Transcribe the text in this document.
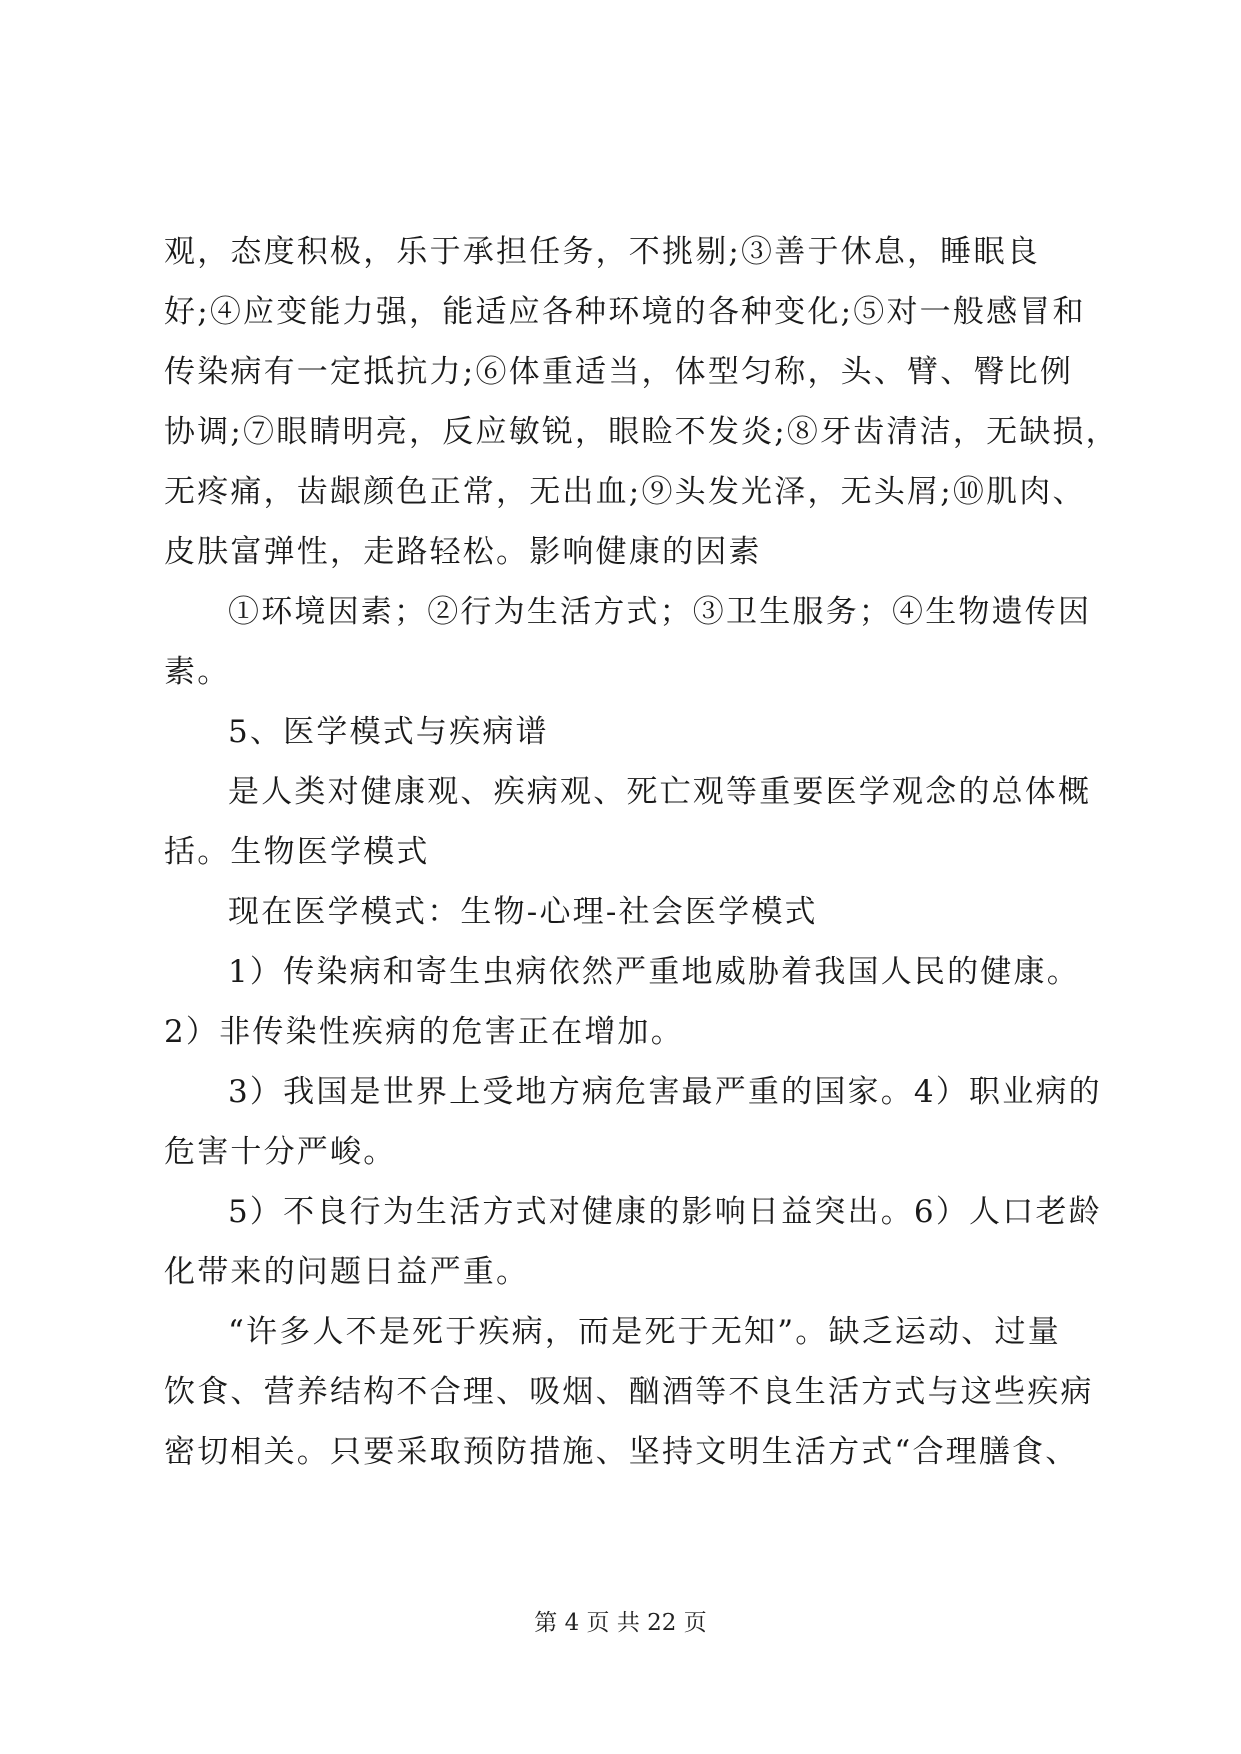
观，态度积极，乐于承担任务，不挑剔;③善于休息，睡眠良
好;④应变能力强，能适应各种环境的各种变化;⑤对一般感冒和
传染病有一定抵抗力;⑥体重适当，体型匀称，头、臂、臀比例
协调;⑦眼睛明亮，反应敏锐，眼睑不发炎;⑧牙齿清洁，无缺损，
无疼痛，齿龈颜色正常，无出血;⑨头发光泽，无头屑;⑩肌肉、
皮肤富弹性，走路轻松。影响健康的因素
①环境因素；②行为生活方式；③卫生服务；④生物遗传因
素。
5、医学模式与疾病谱
是人类对健康观、疾病观、死亡观等重要医学观念的总体概
括。生物医学模式
现在医学模式：生物-心理-社会医学模式
1）传染病和寄生虫病依然严重地威胁着我国人民的健康。
2）非传染性疾病的危害正在增加。
3）我国是世界上受地方病危害最严重的国家。4）职业病的
危害十分严峻。
5）不良行为生活方式对健康的影响日益突出。6）人口老龄
化带来的问题日益严重。
“许多人不是死于疾病，而是死于无知”。缺乏运动、过量
饮食、营养结构不合理、吸烟、酗酒等不良生活方式与这些疾病
密切相关。只要采取预防措施、坚持文明生活方式“合理膳食、
第 4 页 共 22 页
